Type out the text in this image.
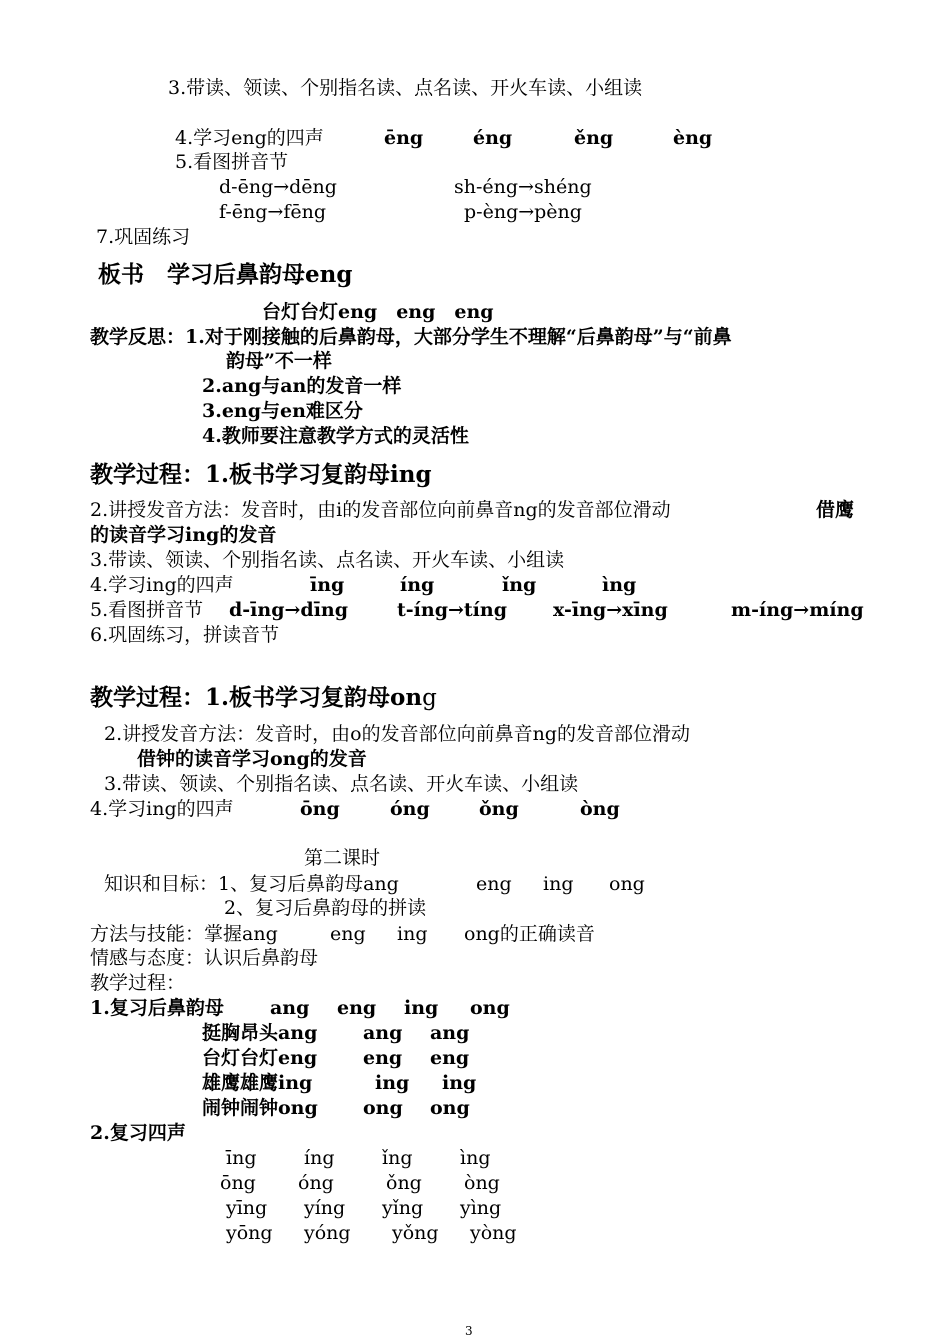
3.带读、领读、个别指名读、点名读、开火车读、小组读
4.学习eng的四声	ēng	éng	ěng	èng
5.看图拼音节
d-ēng→dēng	sh-éng→shéng
f-ēng→fēng	p-èng→pèng
7.巩固练习
板书　学习后鼻韵母eng
台灯台灯eng　eng　eng
教学反思：1.对于刚接触的后鼻韵母，大部分学生不理解“后鼻韵母”与“前鼻
韵母”不一样
2.ang与an的发音一样
3.eng与en难区分
4.教师要注意教学方式的灵活性
教学过程：1.板书学习复韵母ing
2.讲授发音方法：发音时，由i的发音部位向前鼻音ng的发音部位滑动	借鹰
的读音学习ing的发音
3.带读、领读、个别指名读、点名读、开火车读、小组读
4.学习ing的四声	īng	íng	ǐng	ìng
5.看图拼音节 d-īng→dīng	t-íng→tíng x-īng→xīng	m-íng→míng
6.巩固练习，拼读音节
教学过程：1.板书学习复韵母ong
2.讲授发音方法：发音时，由o的发音部位向前鼻音ng的发音部位滑动
借钟的读音学习ong的发音
3.带读、领读、个别指名读、点名读、开火车读、小组读
4.学习ing的四声	ōng	óng	ǒng	òng
第二课时
知识和目标：1、复习后鼻韵母ang	eng ing ong
2、复习后鼻韵母的拼读
方法与技能：掌握ang	eng ing ong的正确读音
情感与态度：认识后鼻韵母
教学过程：
1.复习后鼻韵母 ang eng ing ong
挺胸昂头ang ang ang
台灯台灯eng eng eng
雄鹰雄鹰ing	ing ing
闹钟闹钟ong ong ong
2.复习四声
īng	íng	ǐng	ìng
ōng óng	ǒng òng
yīng yíng yǐng yìng
yōng yóng yǒng yòng
3
